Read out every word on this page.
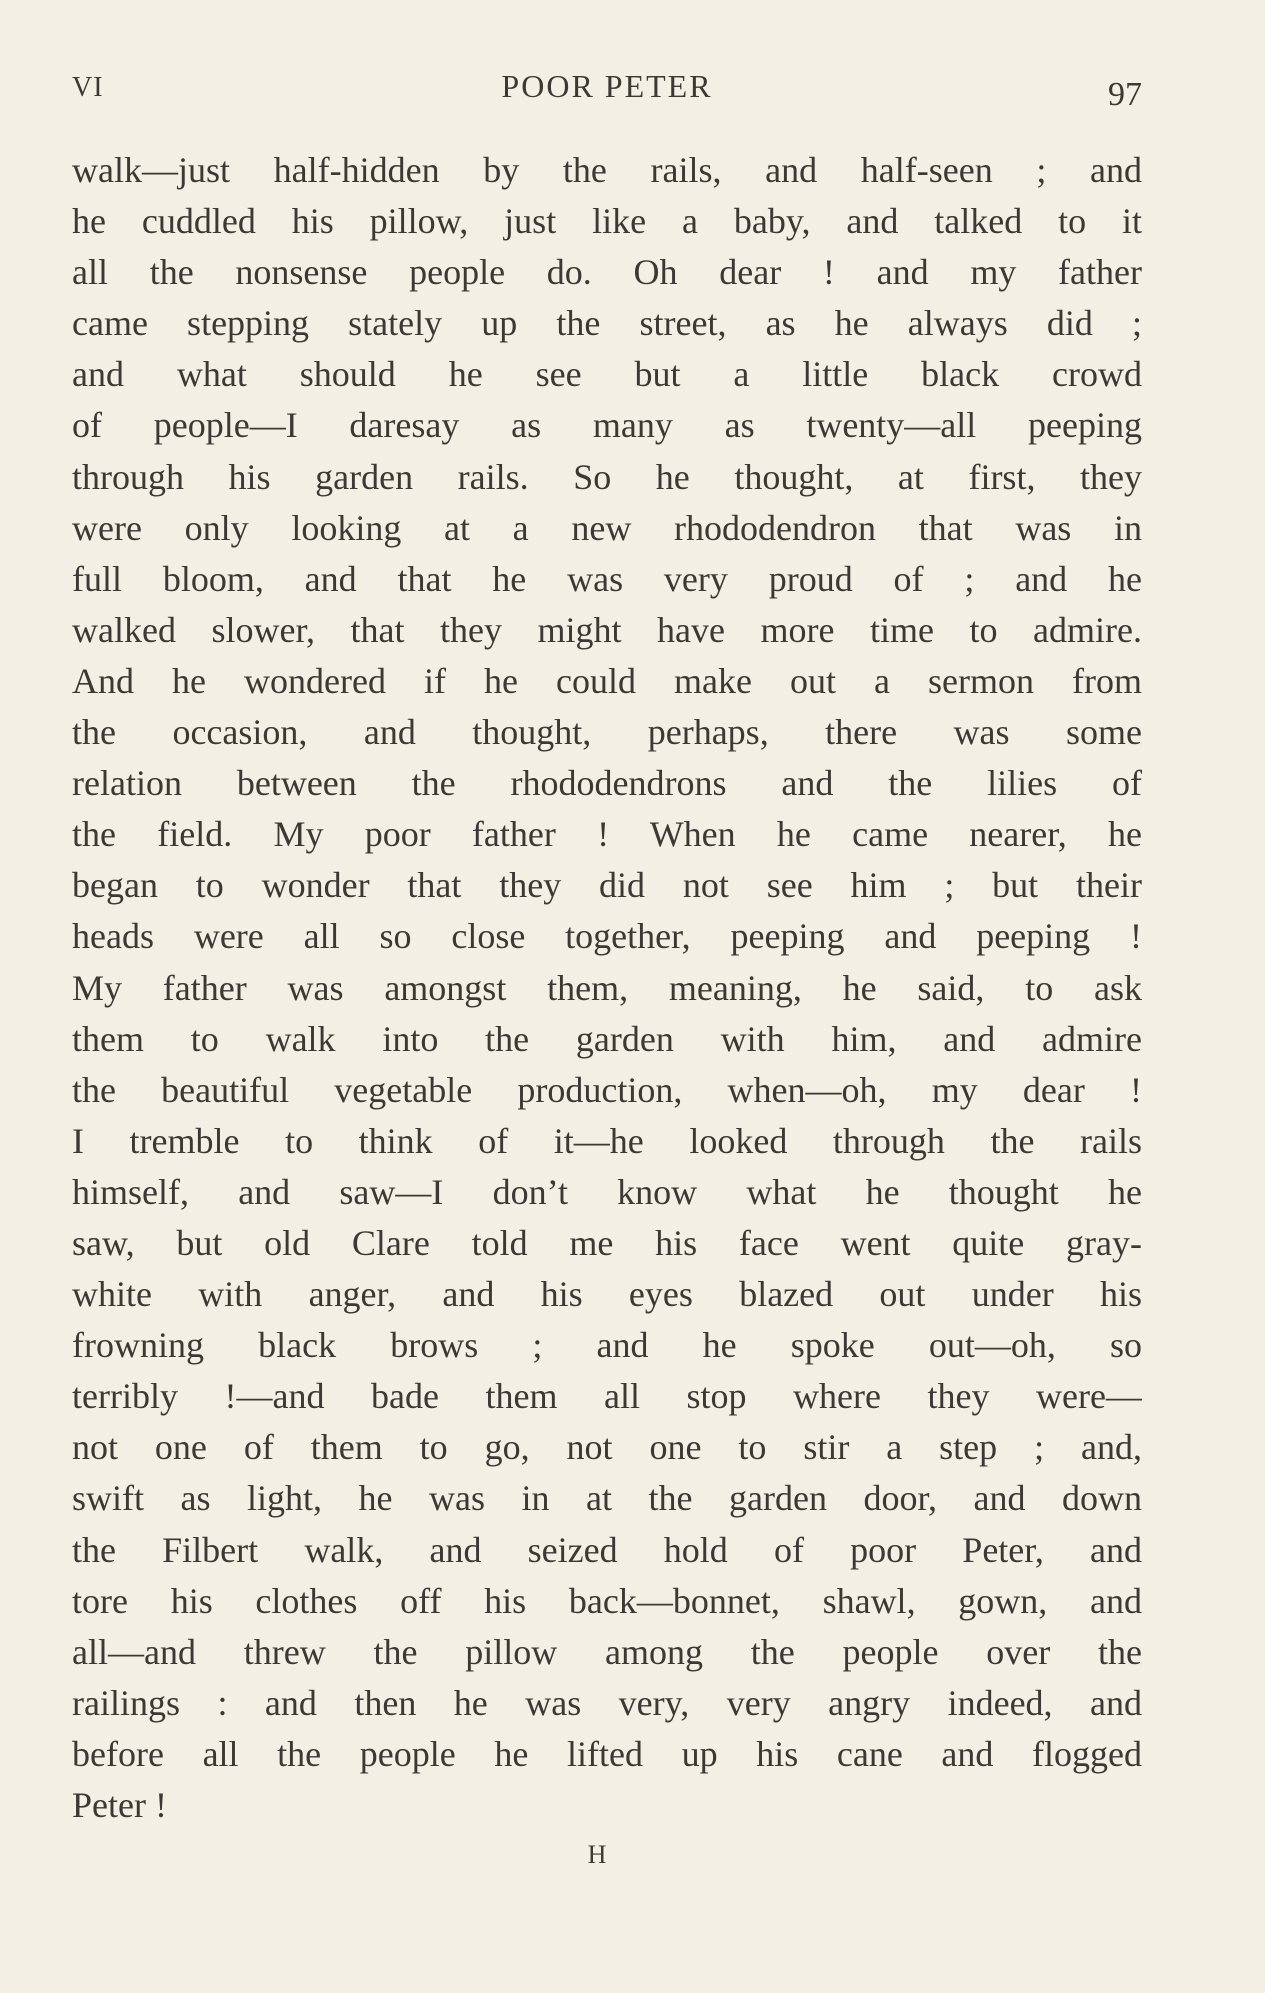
VI	POOR PETER	97
walk—just half-hidden by the rails, and half-seen ; and
he cuddled his pillow, just like a baby, and talked to it
all the nonsense people do. Oh dear ! and my father
came stepping stately up the street, as he always did ;
and what should he see but a little black crowd
of people—I daresay as many as twenty—all peeping
through his garden rails. So he thought, at first, they
were only looking at a new rhododendron that was in
full bloom, and that he was very proud of ; and he
walked slower, that they might have more time to admire.
And he wondered if he could make out a sermon from
the occasion, and thought, perhaps, there was some
relation between the rhododendrons and the lilies of
the field. My poor father ! When he came nearer, he
began to wonder that they did not see him ; but their
heads were all so close together, peeping and peeping !
My father was amongst them, meaning, he said, to ask
them to walk into the garden with him, and admire
the beautiful vegetable production, when—oh, my dear !
I tremble to think of it—he looked through the rails
himself, and saw—I don’t know what he thought he
saw, but old Clare told me his face went quite gray-
white with anger, and his eyes blazed out under his
frowning black brows ; and he spoke out—oh, so
terribly !—and bade them all stop where they were—
not one of them to go, not one to stir a step ; and,
swift as light, he was in at the garden door, and down
the Filbert walk, and seized hold of poor Peter, and
tore his clothes off his back—bonnet, shawl, gown, and
all—and threw the pillow among the people over the
railings : and then he was very, very angry indeed, and
before all the people he lifted up his cane and flogged
Peter !
H
